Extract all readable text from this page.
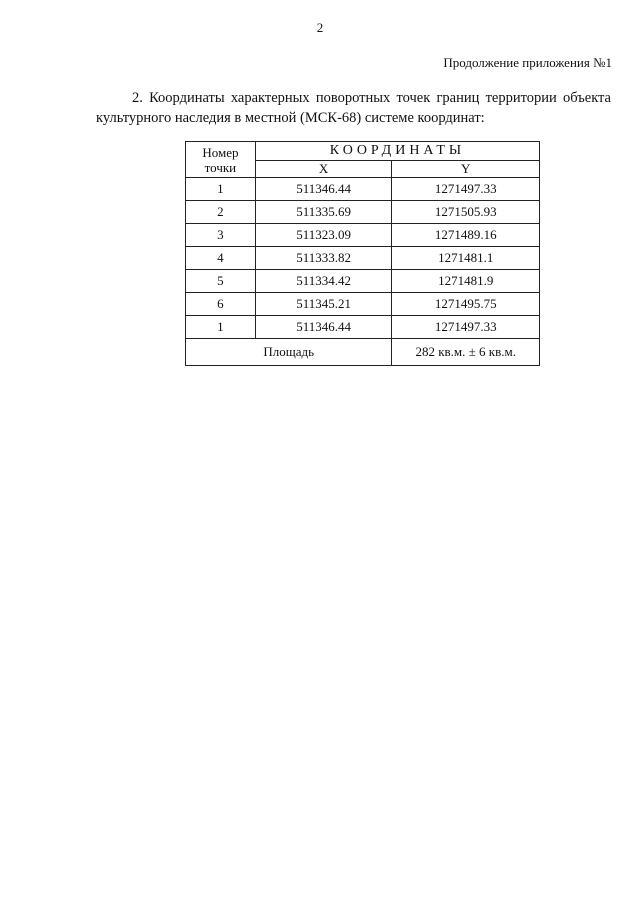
2
Продолжение приложения №1
2. Координаты характерных поворотных точек границ территории объекта культурного наследия в местной (МСК-68) системе координат:
Номер
точки	КООРДИНАТЫ	
	X	Y
1	511346.44	1271497.33
2	511335.69	1271505.93
3	511323.09	1271489.16
4	511333.82	1271481.1
5	511334.42	1271481.9
6	511345.21	1271495.75
1	511346.44	1271497.33
Площадь		282 кв.м. ± 6 кв.м.
